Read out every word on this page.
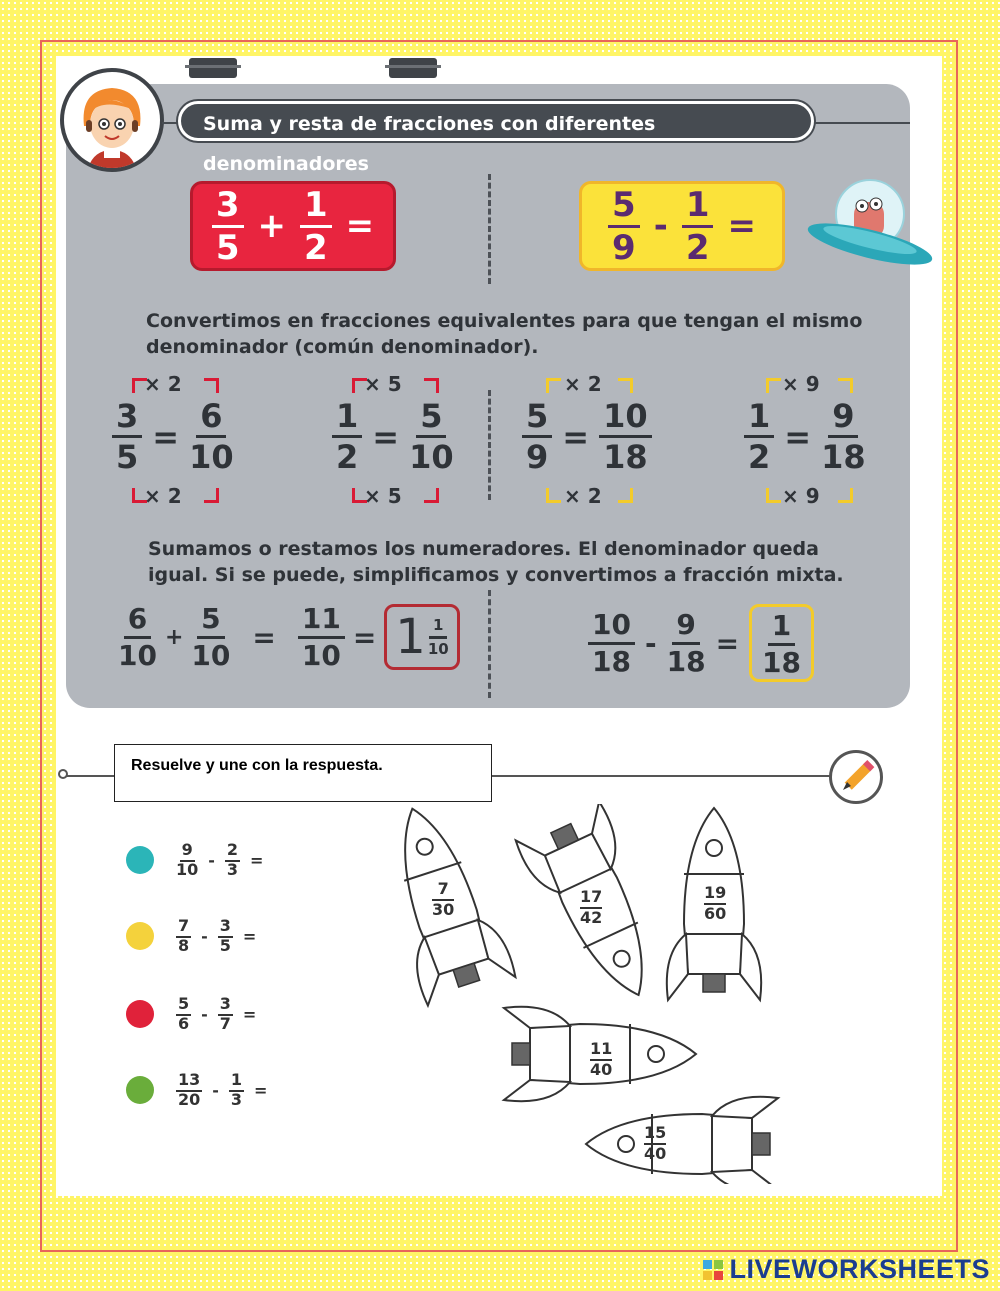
Suma y resta de fracciones con diferentes denominadores
$\frac{3}{5} + \frac{1}{2}$ =	$\frac{5}{9} - \frac{1}{2}$ =
Convertimos en fracciones equivalentes para que tengan el mismo
denominador (común denominador).
× 2
$\frac{3}{5} = \frac{6}{10}$
× 2
× 5
$\frac{1}{2} = \frac{5}{10}$
× 5
× 2
$\frac{5}{9} = \frac{10}{18}$
× 2
× 9
$\frac{1}{2} = \frac{9}{18}$
× 9
Sumamos o restamos los numeradores. El denominador queda
igual. Si se puede, simplificamos y convertimos a fracción mixta.
$\frac{6}{10} + \frac{5}{10} = \frac{11}{10} = 1 \frac{1}{10}$	$\frac{10}{18} - \frac{9}{18} = \frac{1}{18}$
Resuelve y une con la respuesta.
9
$10 - \frac{2}{3}$ =
7
$8 - \frac{3}{5}$ =
5
$6 - \frac{3}{7}$ =
13
$20 - \frac{1}{3}$ =
7
30
17
42
19
60
11
40
15
40
LIVEWORKSHEETS
